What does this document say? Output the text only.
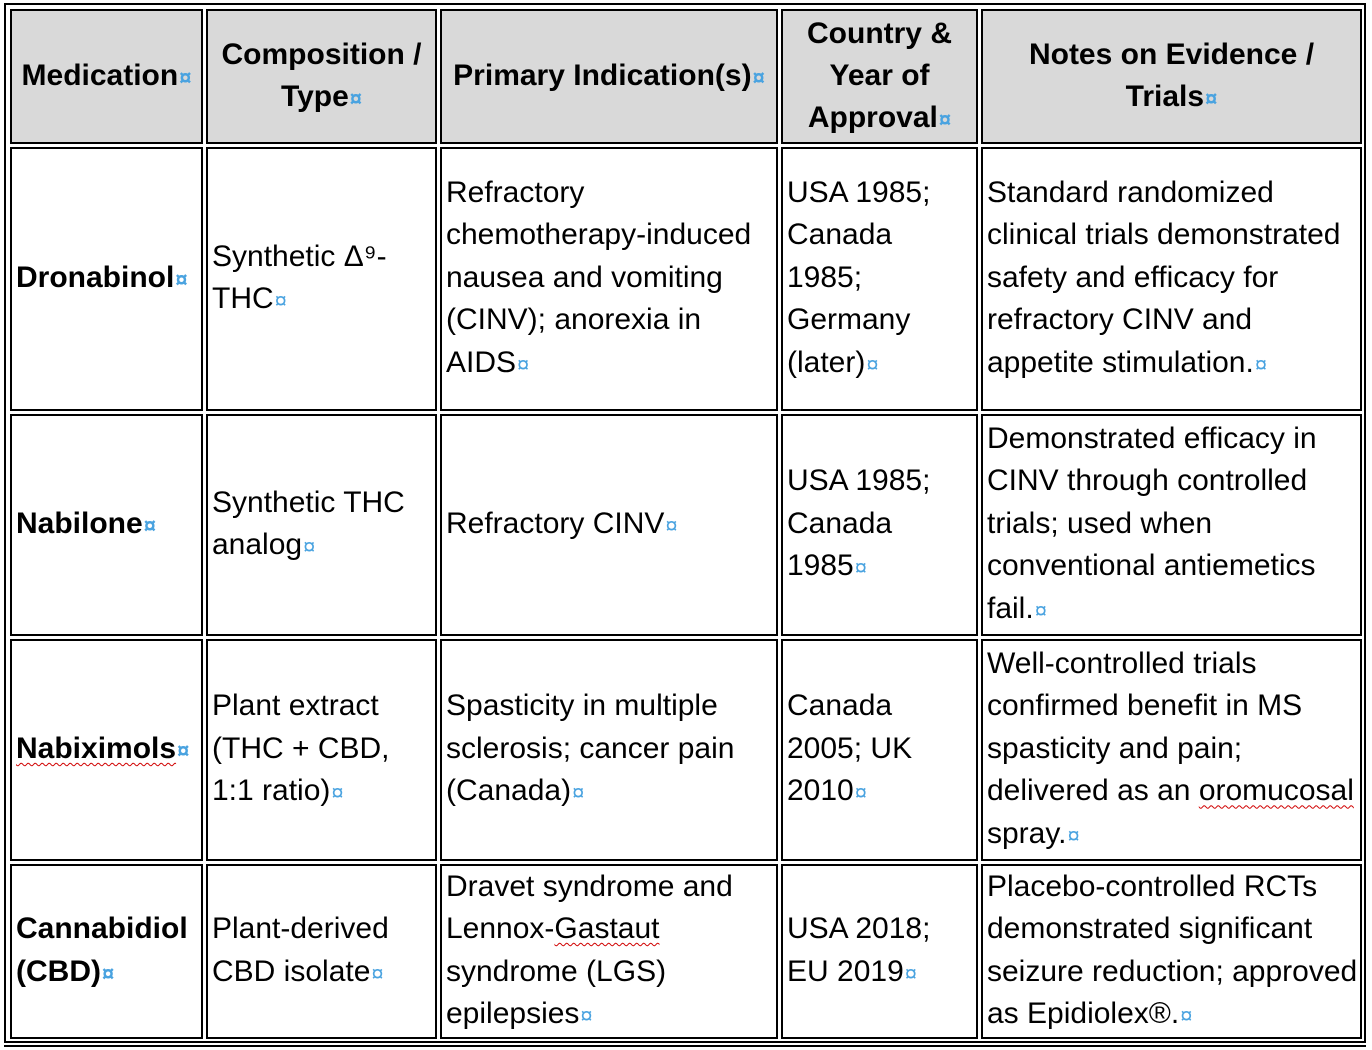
Medication¤
Composition / Type¤
Primary Indication(s)¤
Country & Year of Approval¤
Notes on Evidence / Trials¤
Dronabinol¤
Synthetic Δ⁹-THC¤
Refractory chemotherapy-induced nausea and vomiting (CINV); anorexia in AIDS¤
USA 1985; Canada 1985; Germany (later)¤
Standard randomized clinical trials demonstrated safety and efficacy for refractory CINV and appetite stimulation.¤
Nabilone¤
Synthetic THC analog¤
Refractory CINV¤
USA 1985; Canada 1985¤
Demonstrated efficacy in CINV through controlled trials; used when conventional antiemetics fail.¤
Nabiximols¤
Plant extract (THC + CBD, 1:1 ratio)¤
Spasticity in multiple sclerosis; cancer pain (Canada)¤
Canada 2005; UK 2010¤
Well-controlled trials confirmed benefit in MS spasticity and pain; delivered as an oromucosal spray.¤
Cannabidiol (CBD)¤
Plant-derived CBD isolate¤
Dravet syndrome and Lennox-Gastaut syndrome (LGS) epilepsies¤
USA 2018; EU 2019¤
Placebo-controlled RCTs demonstrated significant seizure reduction; approved as Epidiolex®.¤
